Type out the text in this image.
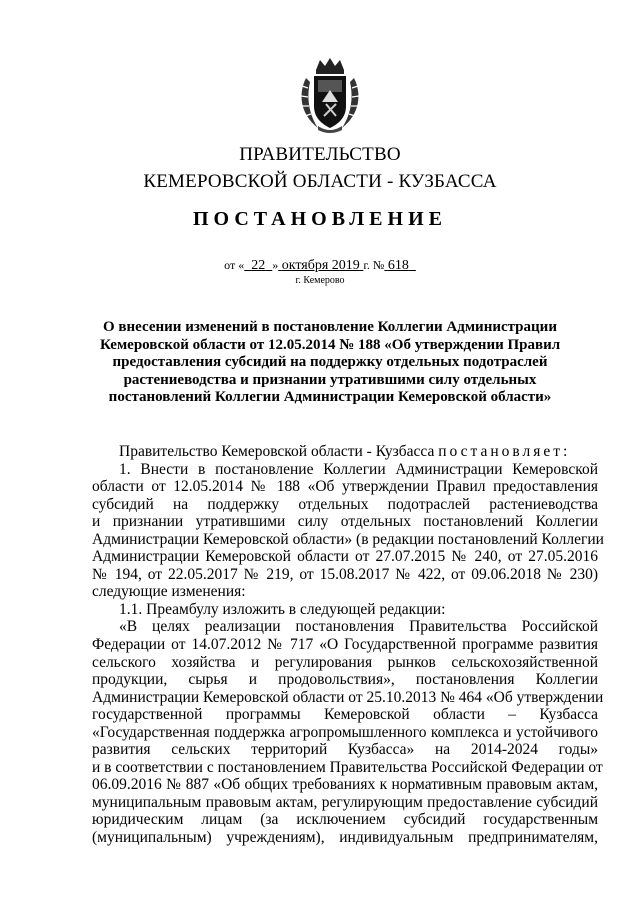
ПРАВИТЕЛЬСТВО
КЕМЕРОВСКОЙ ОБЛАСТИ - КУЗБАССА
ПОСТАНОВЛЕНИЕ
от « 22 » октября 2019 г. № 618
г. Кемерово
О внесении изменений в постановление Коллегии Администрации
Кемеровской области от 12.05.2014 № 188 «Об утверждении Правил
предоставления субсидий на поддержку отдельных подотраслей
растениеводства и признании утратившими силу отдельных
постановлений Коллегии Администрации Кемеровской области»
Правительство Кемеровской области - Кузбасса постановляет:
1. Внести в постановление Коллегии Администрации Кемеровской
области от 12.05.2014 № 188 «Об утверждении Правил предоставления
субсидий на поддержку отдельных подотраслей растениеводства
и признании утратившими силу отдельных постановлений Коллегии
Администрации Кемеровской области» (в редакции постановлений Коллегии
Администрации Кемеровской области от 27.07.2015 № 240, от 27.05.2016
№ 194, от 22.05.2017 № 219, от 15.08.2017 № 422, от 09.06.2018 № 230)
следующие изменения:
1.1. Преамбулу изложить в следующей редакции:
«В целях реализации постановления Правительства Российской
Федерации от 14.07.2012 № 717 «О Государственной программе развития
сельского хозяйства и регулирования рынков сельскохозяйственной
продукции, сырья и продовольствия», постановления Коллегии
Администрации Кемеровской области от 25.10.2013 № 464 «Об утверждении
государственной программы Кемеровской области – Кузбасса
«Государственная поддержка агропромышленного комплекса и устойчивого
развития сельских территорий Кузбасса» на 2014-2024 годы»
и в соответствии с постановлением Правительства Российской Федерации от
06.09.2016 № 887 «Об общих требованиях к нормативным правовым актам,
муниципальным правовым актам, регулирующим предоставление субсидий
юридическим лицам (за исключением субсидий государственным
(муниципальным) учреждениям), индивидуальным предпринимателям,
